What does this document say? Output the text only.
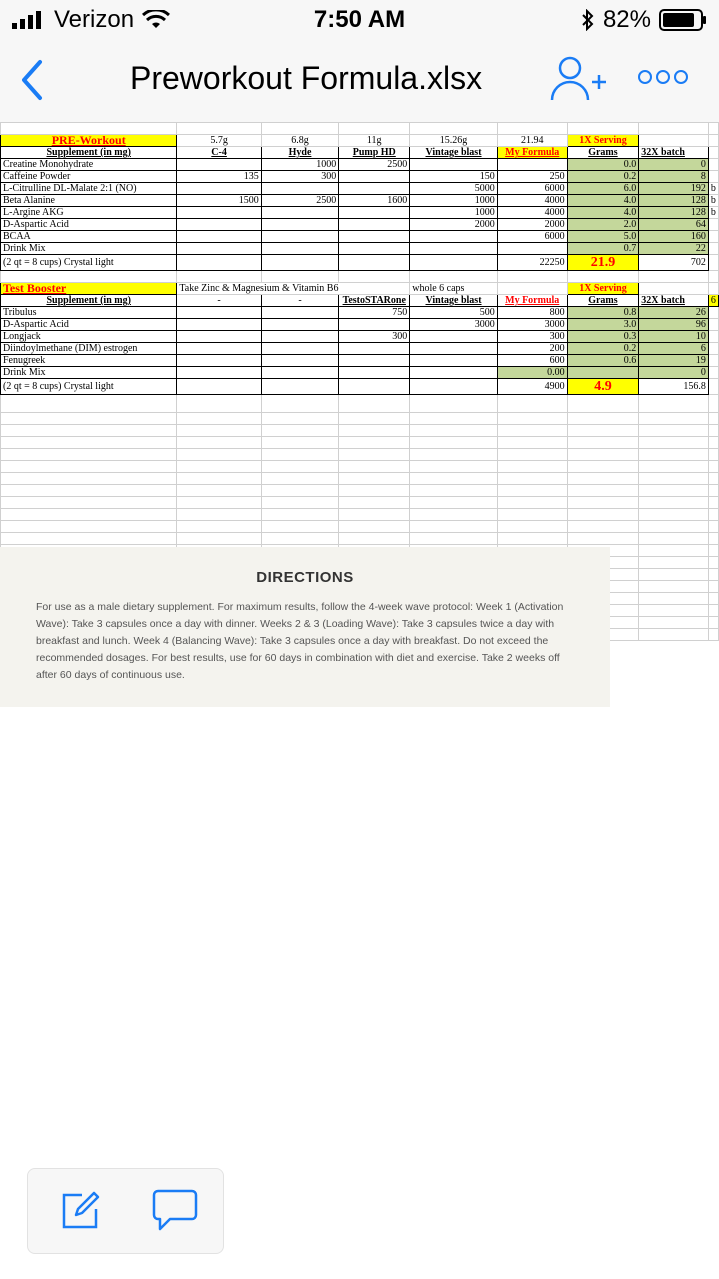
Verizon	7:50 AM	82%
Preworkout Formula.xlsx

PRE-Workout	5.7g	6.8g	11g	15.26g	21.94	1X Serving		
Supplement (in mg)	C-4	Hyde	Pump HD	Vintage blast	My Formula	Grams	32X batch	
Creatine Monohydrate		1000	2500			0.0	0	
Caffeine Powder	135	300		150	250	0.2	8	
L-Citrulline DL-Malate 2:1 (NO)				5000	6000	6.0	192	b
Beta Alanine	1500	2500	1600	1000	4000	4.0	128	b
L-Argine AKG				1000	4000	4.0	128	b
D-Aspartic Acid				2000	2000	2.0	64	
BCAA					6000	5.0	160	
Drink Mix						0.7	22	
(2 qt = 8 cups) Crystal light					22250	21.9	702	

Test Booster	Take Zinc & Magnesium & Vitamin B6			whole 6 caps		1X Serving		
Supplement (in mg)	-	-	TestoSTARone	Vintage blast	My Formula	Grams	32X batch	6
Tribulus			750	500	800	0.8	26	
D-Aspartic Acid				3000	3000	3.0	96	
Longjack			300		300	0.3	10	
Diindoylmethane (DIM) estrogen					200	0.2	6	
Fenugreek					600	0.6	19	
Drink Mix					0.00		0	
(2 qt = 8 cups) Crystal light					4900	4.9	156.8	

DIRECTIONS
For use as a male dietary supplement. For maximum results, follow the 4-week wave protocol: Week 1 (Activation Wave): Take 3 capsules once a day with dinner. Weeks 2 & 3 (Loading Wave): Take 3 capsules twice a day with breakfast and lunch. Week 4 (Balancing Wave): Take 3 capsules once a day with breakfast. Do not exceed the recommended dosages. For best results, use for 60 days in combination with diet and exercise. Take 2 weeks off after 60 days of continuous use.
